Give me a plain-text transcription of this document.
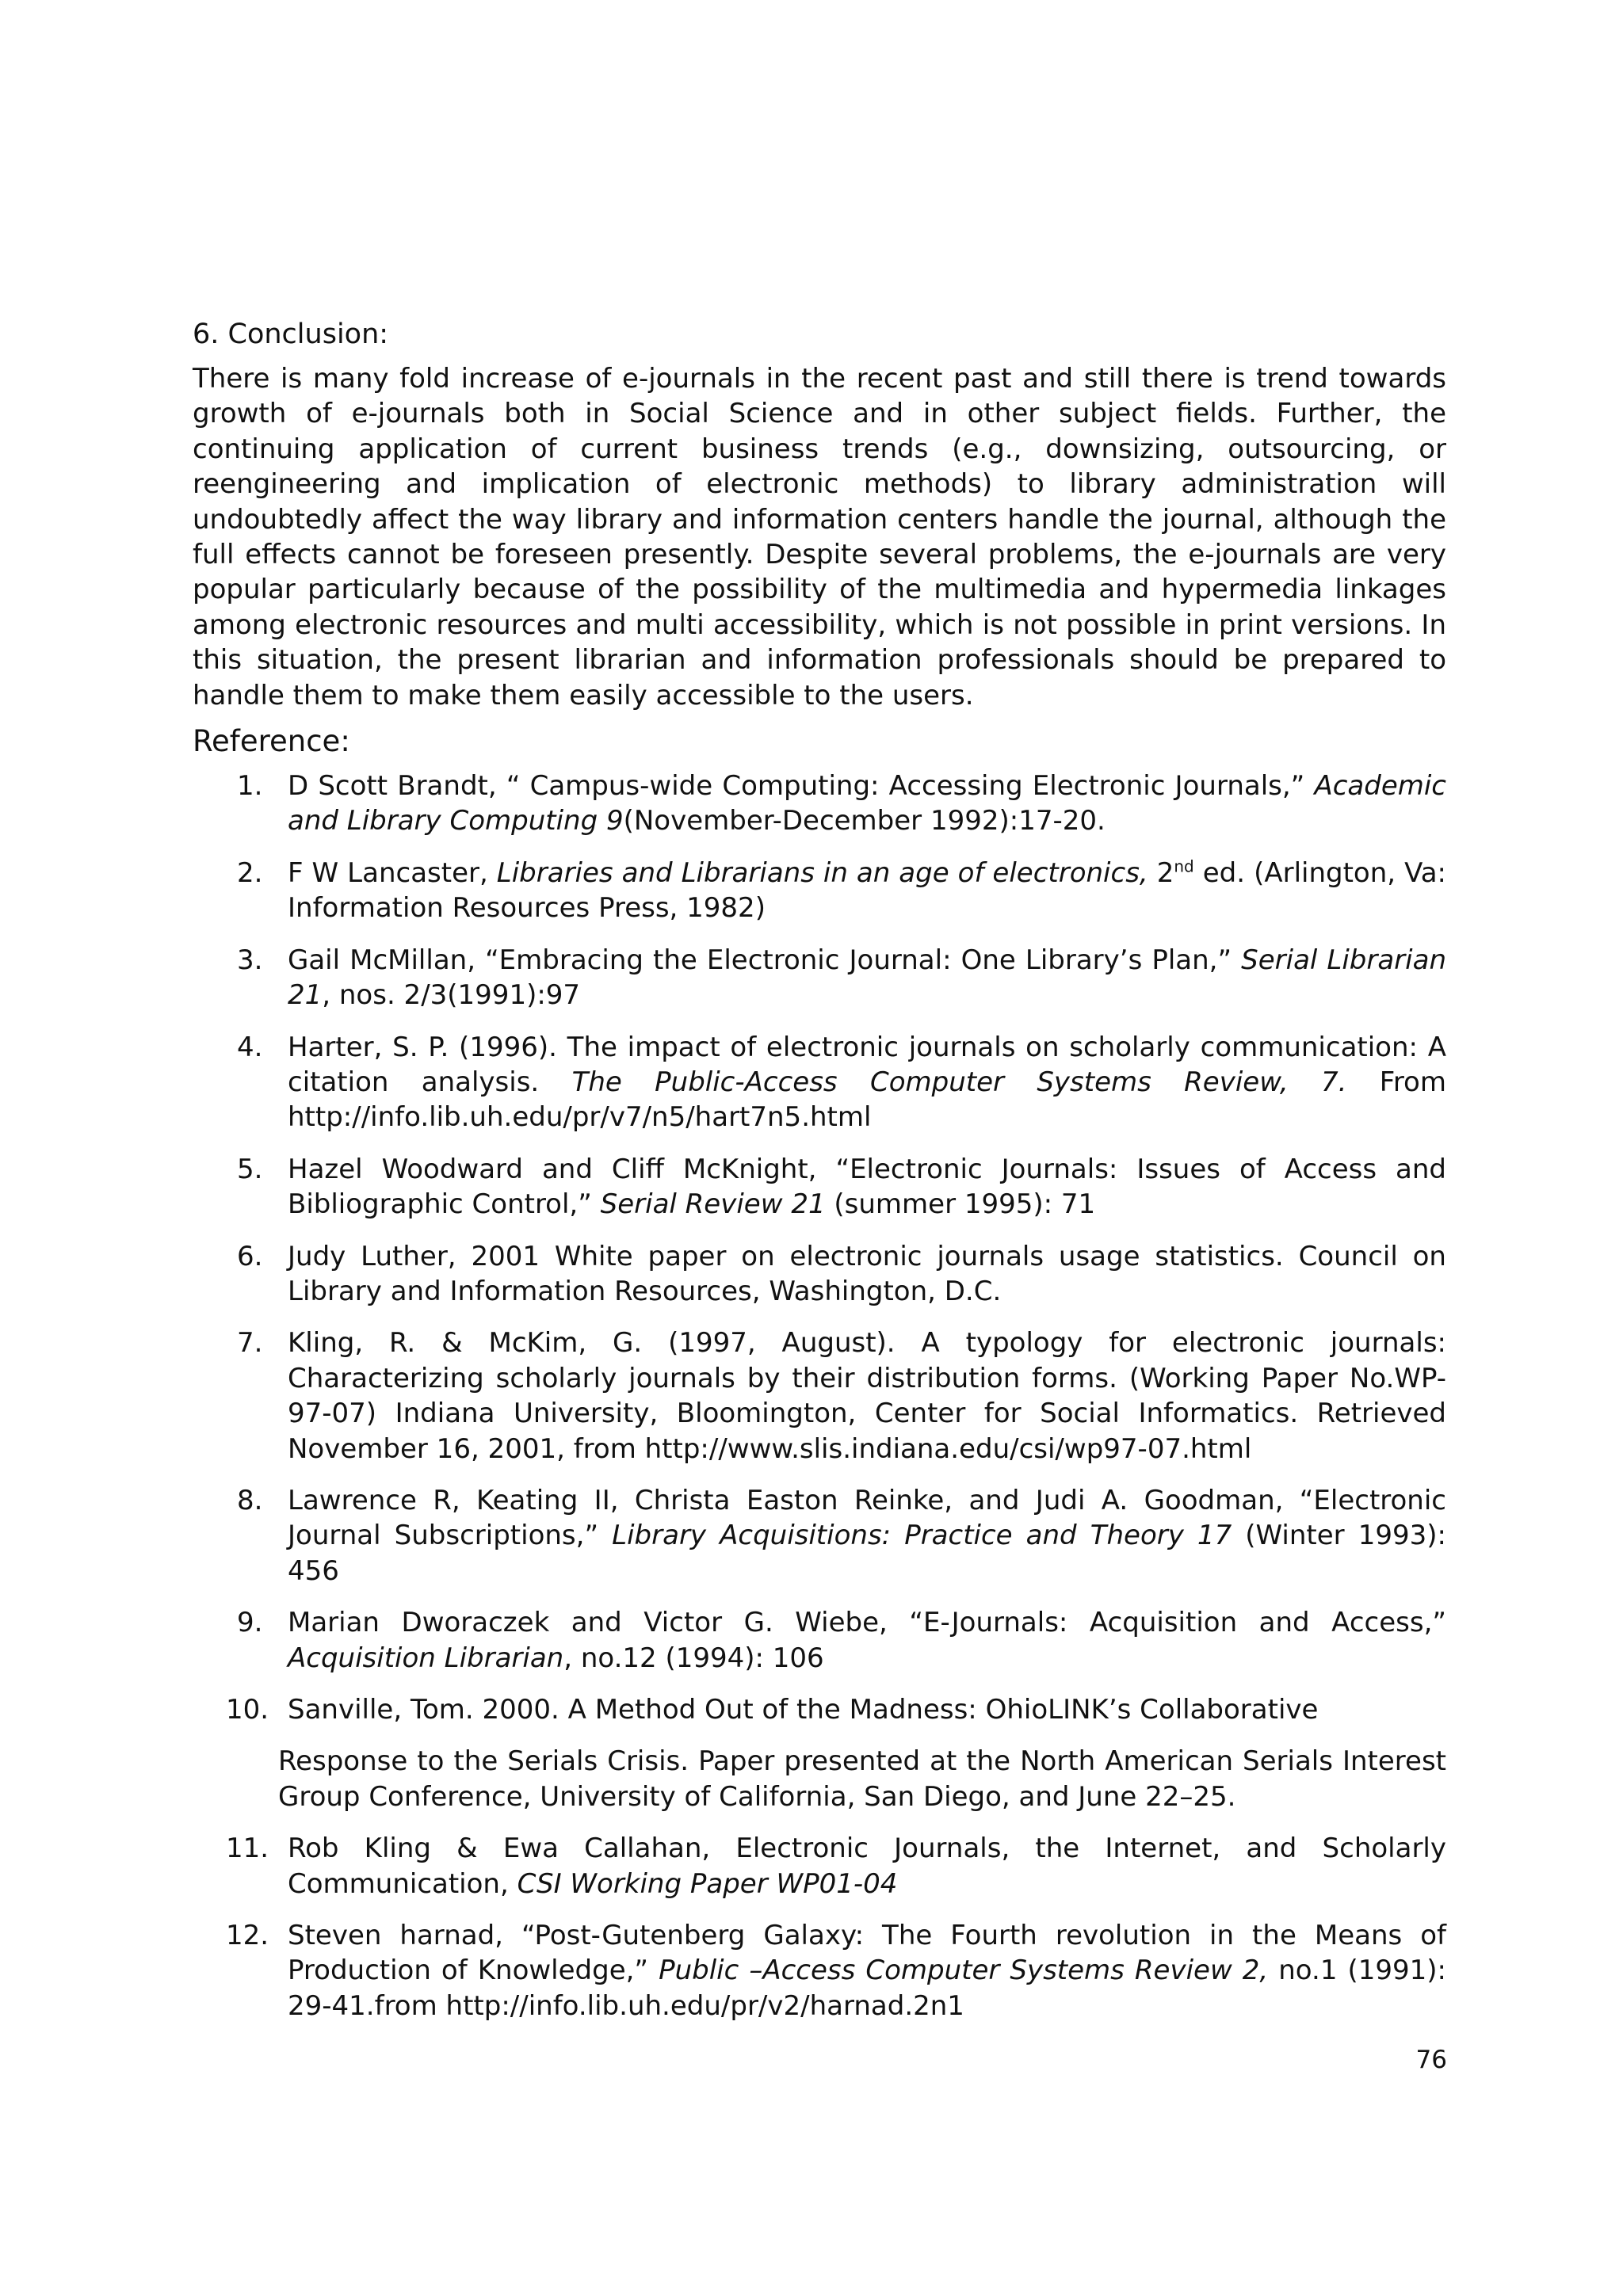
6. Conclusion:

There is many fold increase of e-journals in the recent past and still there is trend towards growth of e-journals both in Social Science and in other subject fields. Further, the continuing application of current business trends (e.g., downsizing, outsourcing, or reengineering and implication of electronic methods) to library administration will undoubtedly affect the way library and information centers handle the journal, although the full effects cannot be foreseen presently. Despite several problems, the e-journals are very popular particularly because of the possibility of the multimedia and hypermedia linkages among electronic resources and multi accessibility, which is not possible in print versions. In this situation, the present librarian and information professionals should be prepared to handle them to make them easily accessible to the users.

Reference:
1. D Scott Brandt, “ Campus-wide Computing: Accessing Electronic Journals,” Academic and Library Computing 9(November-December 1992):17-20.
2. F W Lancaster, Libraries and Librarians in an age of electronics, 2nd ed. (Arlington, Va: Information Resources Press, 1982)
3. Gail McMillan, “Embracing the Electronic Journal: One Library’s Plan,” Serial Librarian 21, nos. 2/3(1991):97
4. Harter, S. P. (1996). The impact of electronic journals on scholarly communication: A citation analysis. The Public-Access Computer Systems Review, 7. From http://info.lib.uh.edu/pr/v7/n5/hart7n5.html
5. Hazel Woodward and Cliff McKnight, “Electronic Journals: Issues of Access and Bibliographic Control,” Serial Review 21 (summer 1995): 71
6. Judy Luther, 2001 White paper on electronic journals usage statistics. Council on Library and Information Resources, Washington, D.C.
7. Kling, R. & McKim, G. (1997, August). A typology for electronic journals: Characterizing scholarly journals by their distribution forms. (Working Paper No.WP-97-07) Indiana University, Bloomington, Center for Social Informatics. Retrieved November 16, 2001, from http://www.slis.indiana.edu/csi/wp97-07.html
8. Lawrence R, Keating II, Christa Easton Reinke, and Judi A. Goodman, “Electronic Journal Subscriptions,” Library Acquisitions: Practice and Theory 17 (Winter 1993): 456
9. Marian Dworaczek and Victor G. Wiebe, “E-Journals: Acquisition and Access,” Acquisition Librarian, no.12 (1994): 106
10. Sanville, Tom. 2000. A Method Out of the Madness: OhioLINK’s Collaborative
Response to the Serials Crisis. Paper presented at the North American Serials Interest Group Conference, University of California, San Diego, and June 22–25.
11. Rob Kling & Ewa Callahan, Electronic Journals, the Internet, and Scholarly Communication, CSI Working Paper WP01-04
12. Steven harnad, “Post-Gutenberg Galaxy: The Fourth revolution in the Means of Production of Knowledge,” Public –Access Computer Systems Review 2, no.1 (1991): 29-41.from http://info.lib.uh.edu/pr/v2/harnad.2n1
76
